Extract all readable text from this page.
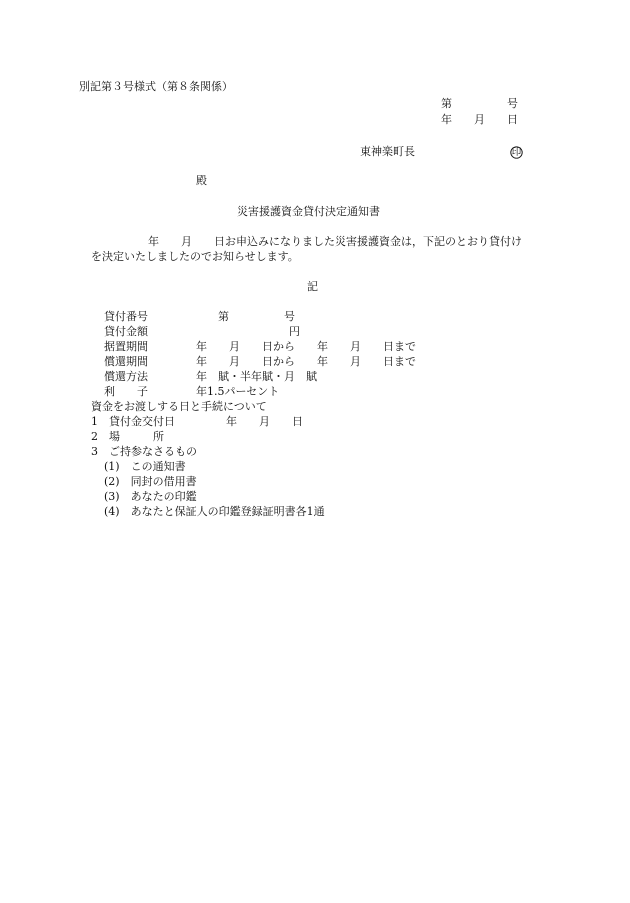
別記第３号様式（第８条関係）
第　　　　　号
年　　月　　日
東神楽町長	印
殿
災害援護資金貸付決定通知書
年　　月　　日お申込みになりました災害援護資金は，下記のとおり貸付け
を決定いたしましたのでお知らせします。
記
貸付番号	第　　　　　号
貸付金額	円
据置期間	年　　月　　日から　　年　　月　　日まで
償還期間	年　　月　　日から　　年　　月　　日まで
償還方法	年　賦・半年賦・月　賦
利　　子	年1.5パーセント
資金をお渡しする日と手続について
1　貸付金交付日	年　　月　　日
2　場　　　所
3　ご持参なさるもの
(1)　この通知書
(2)　同封の借用書
(3)　あなたの印鑑
(4)　あなたと保証人の印鑑登録証明書各1通
